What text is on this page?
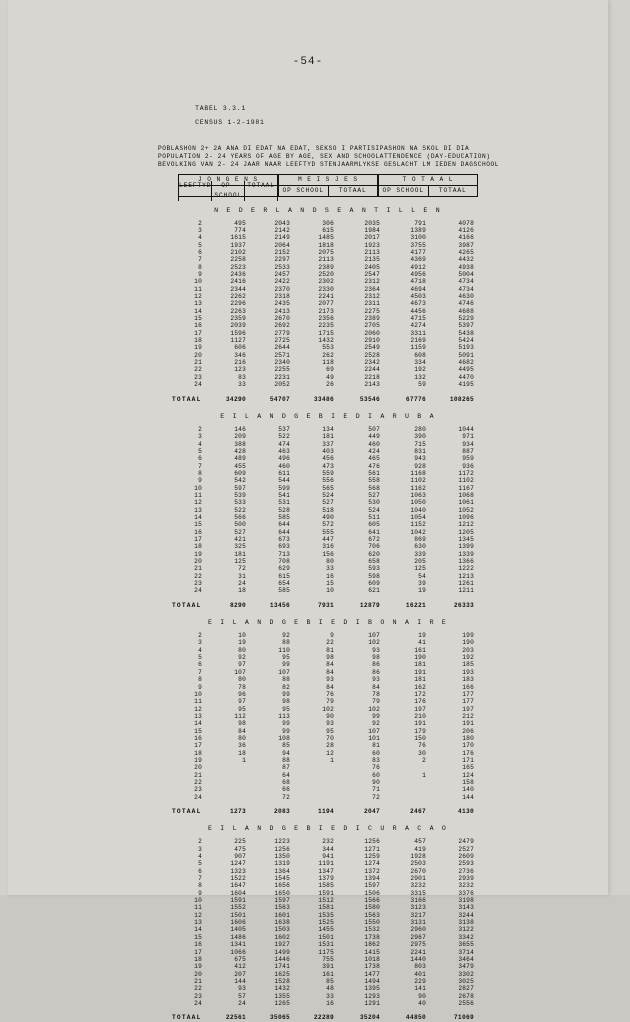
-54-

TABEL 3.3.1

CENSUS 1-2-1981

POBLASHON 2+ 2A ANA DI EDAT NA EDAT, SEKSO I PARTISIPASHON NA SKOL DI DIA
POPULATION 2- 24 YEARS OF AGE BY AGE, SEX AND SCHOOLATTENDENCE (DAY-EDUCATION)
BEVOLKING VAN 2- 24 JAAR NAAR LEEFTYD STENJAARMLYKSE GESLACHT LM IEDEN DAGSCHOOL
J O N G E N S	M E I S J E S	T O T A A L
LEEFTYD	OP-SCHOOL
TOTAAL
OP SCHOOL	TOTAAL	OP SCHOOL	TOTAAL
N E D E R L A N D S E A N T I L L E N
2	495	2043	306	2035	791	4078
3	774	2142	615	1984	1389	4126
4	1615	2149	1485	2017	3100	4166
5	1937	2064	1818	1923	3755	3987
6	2102	2152	2075	2113	4177	4265
7	2258	2297	2113	2135	4369	4432
8	2523	2533	2389	2405	4912	4938
9	2436	2457	2520	2547	4956	5004
10	2416	2422	2302	2312	4718	4734
11	2344	2370	2330	2364	4694	4734
12	2262	2318	2241	2312	4503	4630
13	2296	2435	2077	2311	4673	4746
14	2263	2413	2173	2275	4456	4688
15	2359	2670	2356	2389	4715	5229
16	2039	2692	2235	2705	4274	5397
17	1596	2779	1715	2060	3311	5438
18	1127	2725	1432	2910	2169	5424
19	606	2644	553	2549	1159	5193
20	346	2571	262	2528	608	5091
21	216	2340	118	2342	334	4682
22	123	2255	69	2244	192	4495
23	83	2231	49	2218	132	4470
24	33	2052	26	2143	59	4195
TOTAAL	34290	54707	33486	53546	67776	108265
E I L A N D G E B I E D I A R U B A
2	146	537	134	507	280	1044
3	209	522	181	449	390	971
4	388	474	337	460	715	934
5	428	463	403	424	831	887
6	489	496	456	465	943	959
7	455	460	473	476	928	936
8	609	611	559	561	1168	1172
9	542	544	556	558	1102	1102
10	597	599	565	568	1162	1167
11	539	541	524	527	1063	1068
12	533	531	527	530	1050	1061
13	522	528	518	524	1040	1052
14	566	585	490	511	1054	1096
15	500	644	572	605	1152	1212
16	527	644	555	641	1042	1205
17	421	673	447	672	869	1345
18	325	693	316	706	630	1399
19	181	713	156	620	339	1339
20	125	708	80	658	205	1366
21	72	629	33	593	125	1222
22	31	615	16	598	54	1213
23	24	654	15	609	39	1261
24	18	585	10	621	19	1211
TOTAAL	8290	13456	7931	12879	16221	26333
E I L A N D G E B I E D I B O N A I R E
2	10	92	9	107	19	199
3	19	88	22	102	41	190
4	80	110	81	93	161	203
5	92	95	98	98	190	192
6	97	99	84	86	181	185
7	107	107	84	86	191	193
8	80	88	93	93	181	183
9	78	82	84	84	162	166
10	96	99	76	78	172	177
11	97	98	79	79	176	177
12	95	95	102	102	197	197
13	112	113	90	99	210	212
14	98	99	93	92	191	191
15	84	99	95	107	179	206
16	80	108	70	101	150	180
17	36	85	28	81	76	170
18	18	94	12	60	30	176
19	1	88	1	83	2	171
20		87		76		165
21		64		60	1	124
22		68		90		158
23		66		71		140
24		72		72		144
TOTAAL	1273	2083	1194	2047	2467	4130
E I L A N D G E B I E D I C U R A C A O
2	225	1223	232	1256	457	2479
3	475	1256	344	1271	419	2527
4	907	1350	941	1259	1928	2609
5	1247	1319	1191	1274	2503	2593
6	1323	1364	1347	1372	2670	2736
7	1522	1545	1379	1394	2901	2939
8	1647	1656	1585	1597	3232	3232
9	1604	1650	1591	1506	3315	3376
10	1591	1597	1512	1566	3166	3198
11	1552	1563	1581	1580	3123	3143
12	1501	1601	1535	1563	3217	3244
13	1606	1638	1525	1550	3131	3138
14	1405	1503	1455	1532	2960	3122
15	1486	1602	1501	1738	2967	3342
16	1341	1927	1531	1862	2975	3655
17	1066	1499	1175	1415	2241	3714
18	675	1446	755	1018	1440	3464
19	412	1741	391	1738	803	3479
20	207	1625	161	1477	401	3302
21	144	1528	85	1494	229	3025
22	93	1432	48	1395	141	2827
23	57	1355	33	1293	90	2678
24	24	1265	16	1291	40	2556
TOTAAL	22561	35065	22289	35204	44850	71069
